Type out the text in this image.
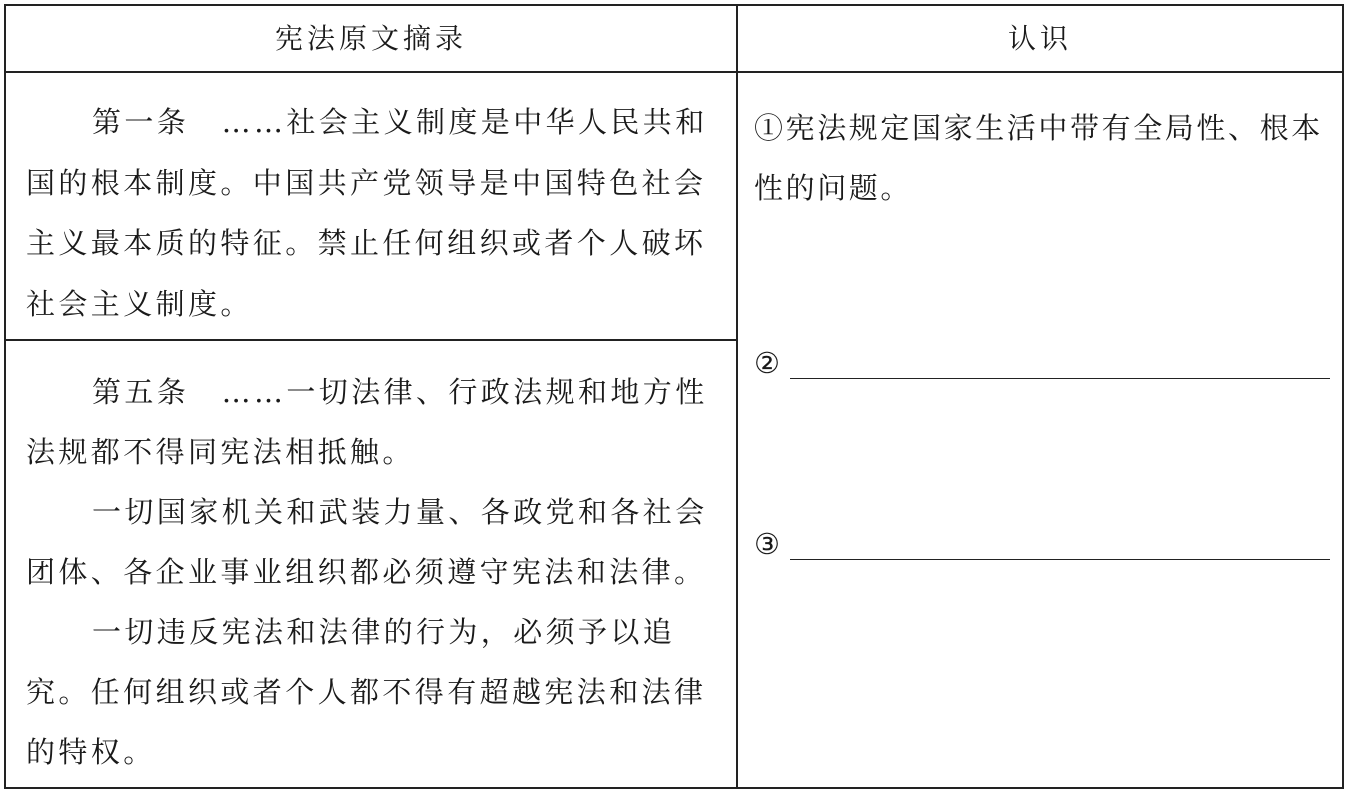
宪法原文摘录	认识
第一条　……社会主义制度是中华人民共和国的根本制度。中国共产党领导是中国特色社会主义最本质的特征。禁止任何组织或者个人破坏社会主义制度。

第五条　……一切法律、行政法规和地方性法规都不得同宪法相抵触。

一切国家机关和武装力量、各政党和各社会团体、各企业事业组织都必须遵守宪法和法律。

一切违反宪法和法律的行为，必须予以追究。任何组织或者个人都不得有超越宪法和法律的特权。

①宪法规定国家生活中带有全局性、根本性的问题。
②
③
